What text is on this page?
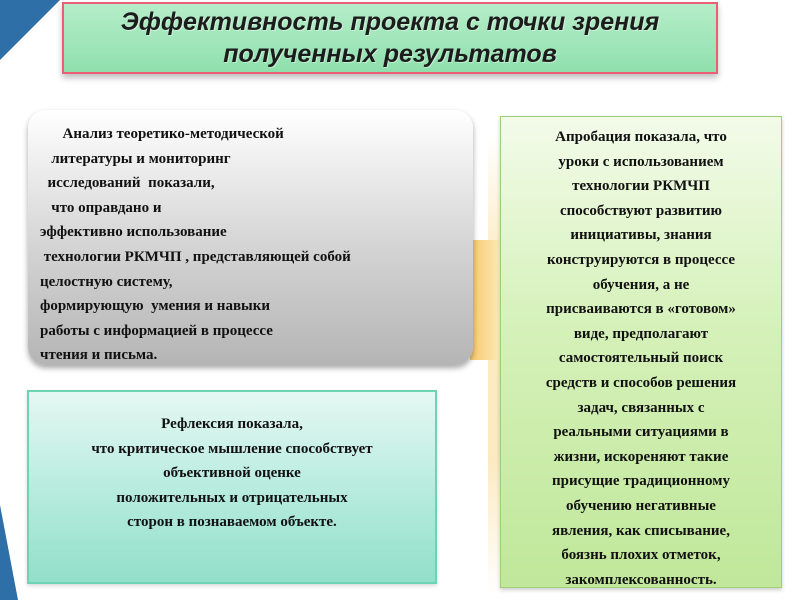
Эффективность проекта с точки зрения
полученных результатов
Анализ теоретико-методической
литературы и мониторинг
исследований  показали,
что оправдано и
эффективно использование
технологии РКМЧП , представляющей собой
целостную систему,
формирующую  умения и навыки
работы с информацией в процессе
чтения и письма.
Апробация показала, что
уроки с использованием
технологии РКМЧП
способствуют развитию
инициативы, знания
конструируются в процессе
обучения, а не
присваиваются в «готовом»
виде, предполагают
самостоятельный поиск
средств и способов решения
задач, связанных с
реальными ситуациями в
жизни, искореняют такие
присущие традиционному
обучению негативные
явления, как списывание,
боязнь плохих отметок,
закомплексованность.
Рефлексия показала,
что критическое мышление способствует
объективной оценке
положительных и отрицательных
сторон в познаваемом объекте.
